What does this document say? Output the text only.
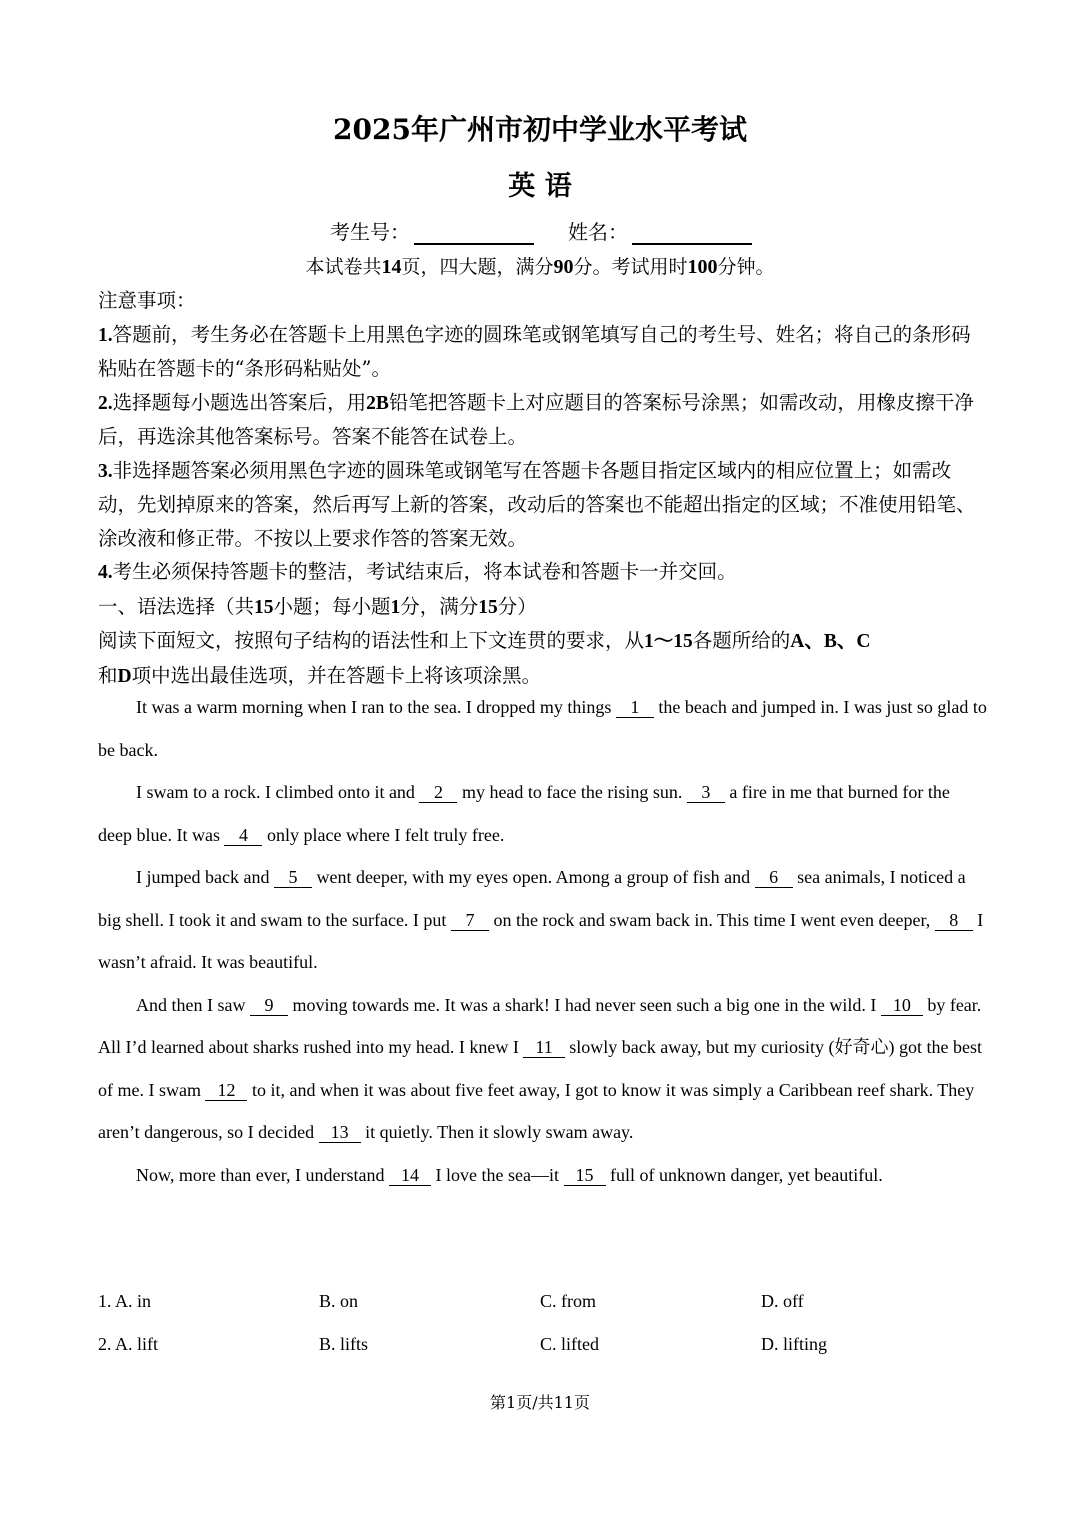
2025年广州市初中学业水平考试
英 语
考生号：	姓名：
本试卷共14页，四大题，满分90分。考试用时100分钟。

注意事项：

1.答题前，考生务必在答题卡上用黑色字迹的圆珠笔或钢笔填写自己的考生号、姓名；将自己的条形码粘贴在答题卡的“条形码粘贴处”。

2.选择题每小题选出答案后，用2B铅笔把答题卡上对应题目的答案标号涂黑；如需改动，用橡皮擦干净后，再选涂其他答案标号。答案不能答在试卷上。

3.非选择题答案必须用黑色字迹的圆珠笔或钢笔写在答题卡各题目指定区域内的相应位置上；如需改动，先划掉原来的答案，然后再写上新的答案，改动后的答案也不能超出指定的区域；不准使用铅笔、涂改液和修正带。不按以上要求作答的答案无效。

4.考生必须保持答题卡的整洁，考试结束后，将本试卷和答题卡一并交回。

一、语法选择（共15小题；每小题1分，满分15分）

阅读下面短文，按照句子结构的语法性和上下文连贯的要求，从1～15各题所给的A、B、C
和D项中选出最佳选项，并在答题卡上将该项涂黑。

It was a warm morning when I ran to the sea. I dropped my things 1 the beach and jumped in. I was just so glad to be back.

I swam to a rock. I climbed onto it and 2 my head to face the rising sun. 3 a fire in me that burned for the deep blue. It was 4 only place where I felt truly free.

I jumped back and 5 went deeper, with my eyes open. Among a group of fish and 6 sea animals, I noticed a big shell. I took it and swam to the surface. I put 7 on the rock and swam back in. This time I went even deeper, 8 I wasn’t afraid. It was beautiful.

And then I saw 9 moving towards me. It was a shark! I had never seen such a big one in the wild. I 10 by fear. All I’d learned about sharks rushed into my head. I knew I 11 slowly back away, but my curiosity (好奇心) got the best of me. I swam 12 to it, and when it was about five feet away, I got to know it was simply a Caribbean reef shark. They aren’t dangerous, so I decided 13 it quietly. Then it slowly swam away.

Now, more than ever, I understand 14 I love the sea—it 15 full of unknown danger, yet beautiful.

1. A. in	B. on	C. from	D. off
2. A. lift	B. lifts	C. lifted	D. lifting
第1页/共11页
